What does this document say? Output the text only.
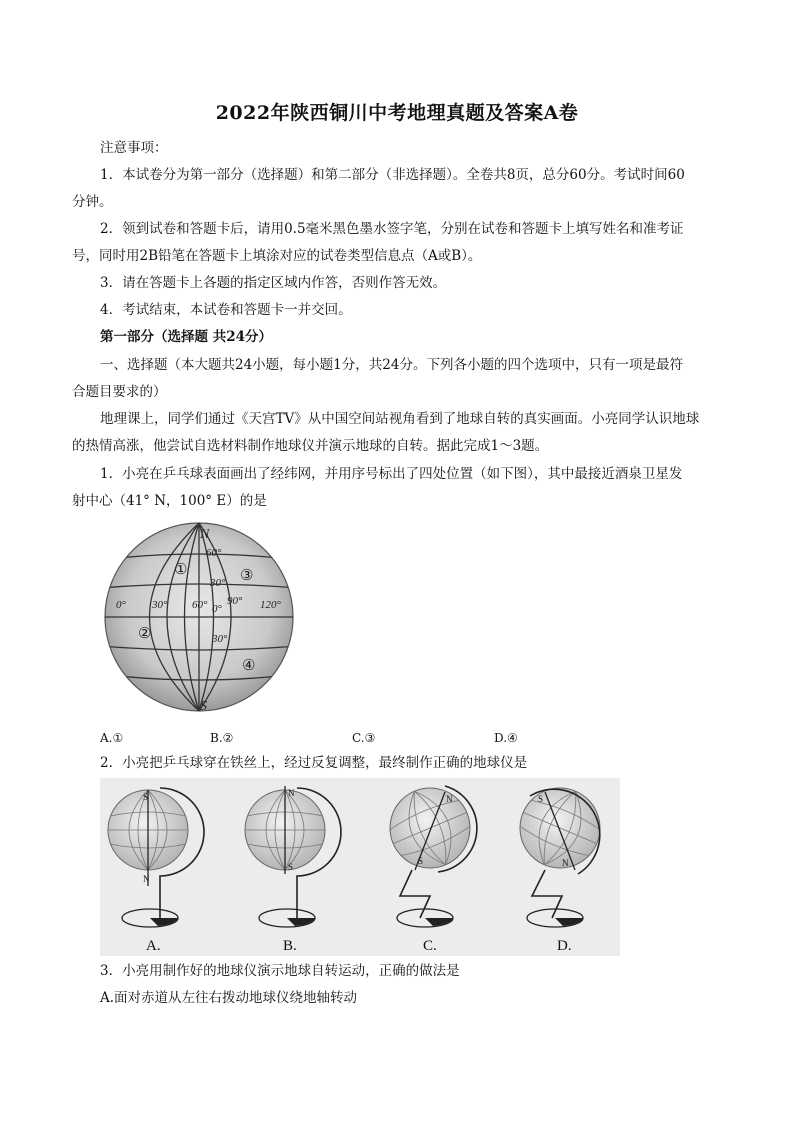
2022年陕西铜川中考地理真题及答案A卷
注意事项：
1．本试卷分为第一部分（选择题）和第二部分（非选择题）。全卷共8页，总分60分。考试时间60
分钟。
2．领到试卷和答题卡后，请用0.5毫米黑色墨水签字笔，分别在试卷和答题卡上填写姓名和准考证
号，同时用2B铅笔在答题卡上填涂对应的试卷类型信息点（A或B）。
3．请在答题卡上各题的指定区域内作答，否则作答无效。
4．考试结束，本试卷和答题卡一并交回。
第一部分（选择题 共24分）
一、选择题（本大题共24小题，每小题1分，共24分。下列各小题的四个选项中，只有一项是最符
合题目要求的）
地理课上，同学们通过《天宫TV》从中国空间站视角看到了地球自转的真实画面。小亮同学认识地球
的热情高涨，他尝试自选材料制作地球仪并演示地球的自转。据此完成1～3题。
1．小亮在乒乓球表面画出了经纬网，并用序号标出了四处位置（如下图），其中最接近酒泉卫星发
射中心（41° N，100° E）的是
N
S
60°
30°
0°
30°
0° 30° 60° 90° 120°
①
②
③
④
A.①	B.②	C.③	D.④
2．小亮把乒乓球穿在铁丝上，经过反复调整，最终制作正确的地球仪是
S
N
N
S
N
S
S
N
A.	B.	C.	D.
3．小亮用制作好的地球仪演示地球自转运动，正确的做法是
A.面对赤道从左往右拨动地球仪绕地轴转动
